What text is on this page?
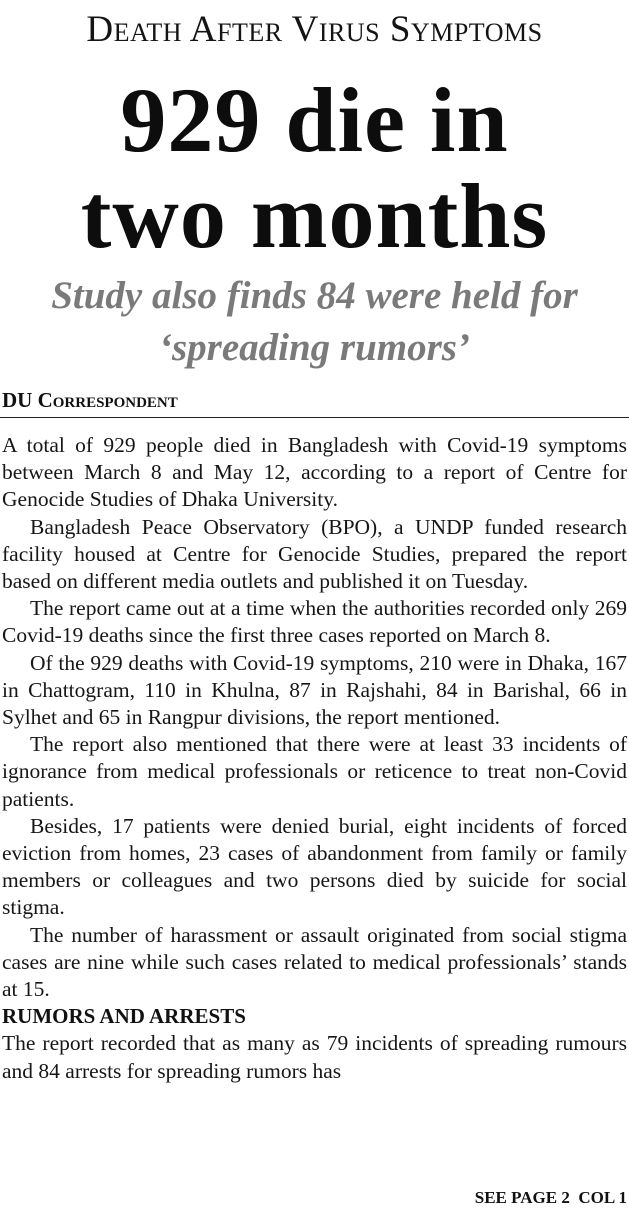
Death After Virus Symptoms
929 die in
two months
Study also finds 84 were held for
‘spreading rumors’
DU Correspondent

A total of 929 people died in Bangladesh with Covid-19 symptoms between March 8 and May 12, according to a report of Centre for Genocide Studies of Dhaka University.

Bangladesh Peace Observatory (BPO), a UNDP funded research facility housed at Centre for Genocide Studies, prepared the report based on different media outlets and published it on Tuesday.

The report came out at a time when the authorities recorded only 269 Covid-19 deaths since the first three cases reported on March 8.

Of the 929 deaths with Covid-19 symptoms, 210 were in Dhaka, 167 in Chattogram, 110 in Khulna, 87 in Rajshahi, 84 in Barishal, 66 in Sylhet and 65 in Rangpur divisions, the report mentioned.

The report also mentioned that there were at least 33 incidents of ignorance from medical professionals or reticence to treat non-Covid patients.

Besides, 17 patients were denied burial, eight incidents of forced eviction from homes, 23 cases of abandonment from family or family members or colleagues and two persons died by suicide for social stigma.

The number of harassment or assault originated from social stigma cases are nine while such cases related to medical professionals’ stands at 15.

RUMORS AND ARRESTS

The report recorded that as many as 79 incidents of spreading rumours and 84 arrests for spreading rumors has

SEE PAGE 2  COL 1
